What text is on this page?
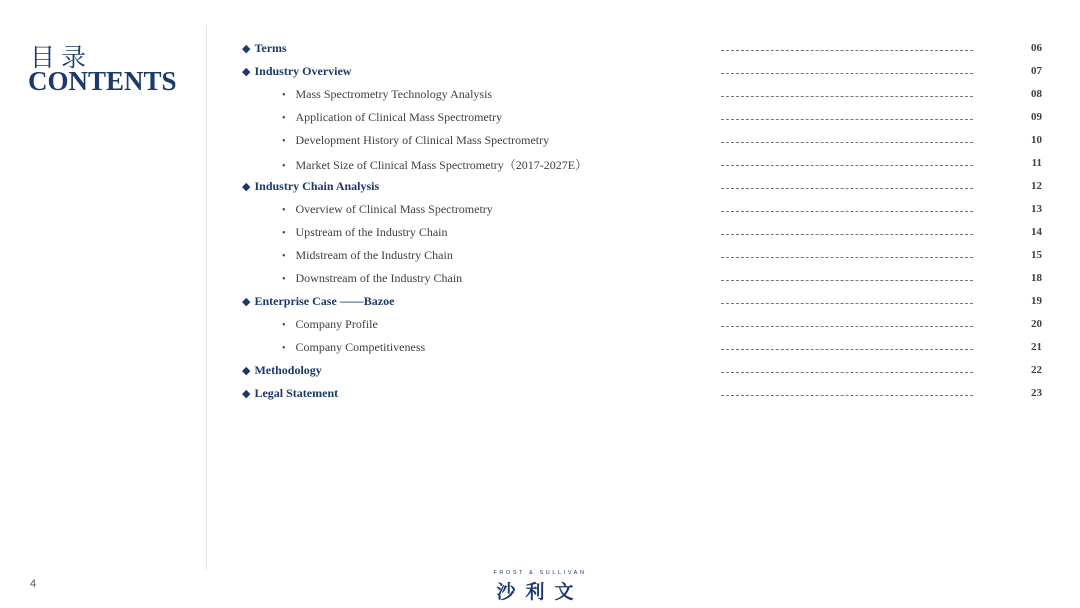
目录
CONTENTS
◆ Terms	06
◆ Industry Overview	07
• Mass Spectrometry Technology Analysis	08
• Application of Clinical Mass Spectrometry	09
• Development History of Clinical Mass Spectrometry	10
• Market Size of Clinical Mass Spectrometry（2017-2027E）	11
◆ Industry Chain Analysis	12
• Overview of Clinical Mass Spectrometry	13
• Upstream of the Industry Chain	14
• Midstream of the Industry Chain	15
• Downstream of the Industry Chain	18
◆ Enterprise Case ——Bazoe	19
• Company Profile	20
• Company Competitiveness	21
◆ Methodology	22
◆ Legal Statement	23
4
FROST & SULLIVAN
沙利文
